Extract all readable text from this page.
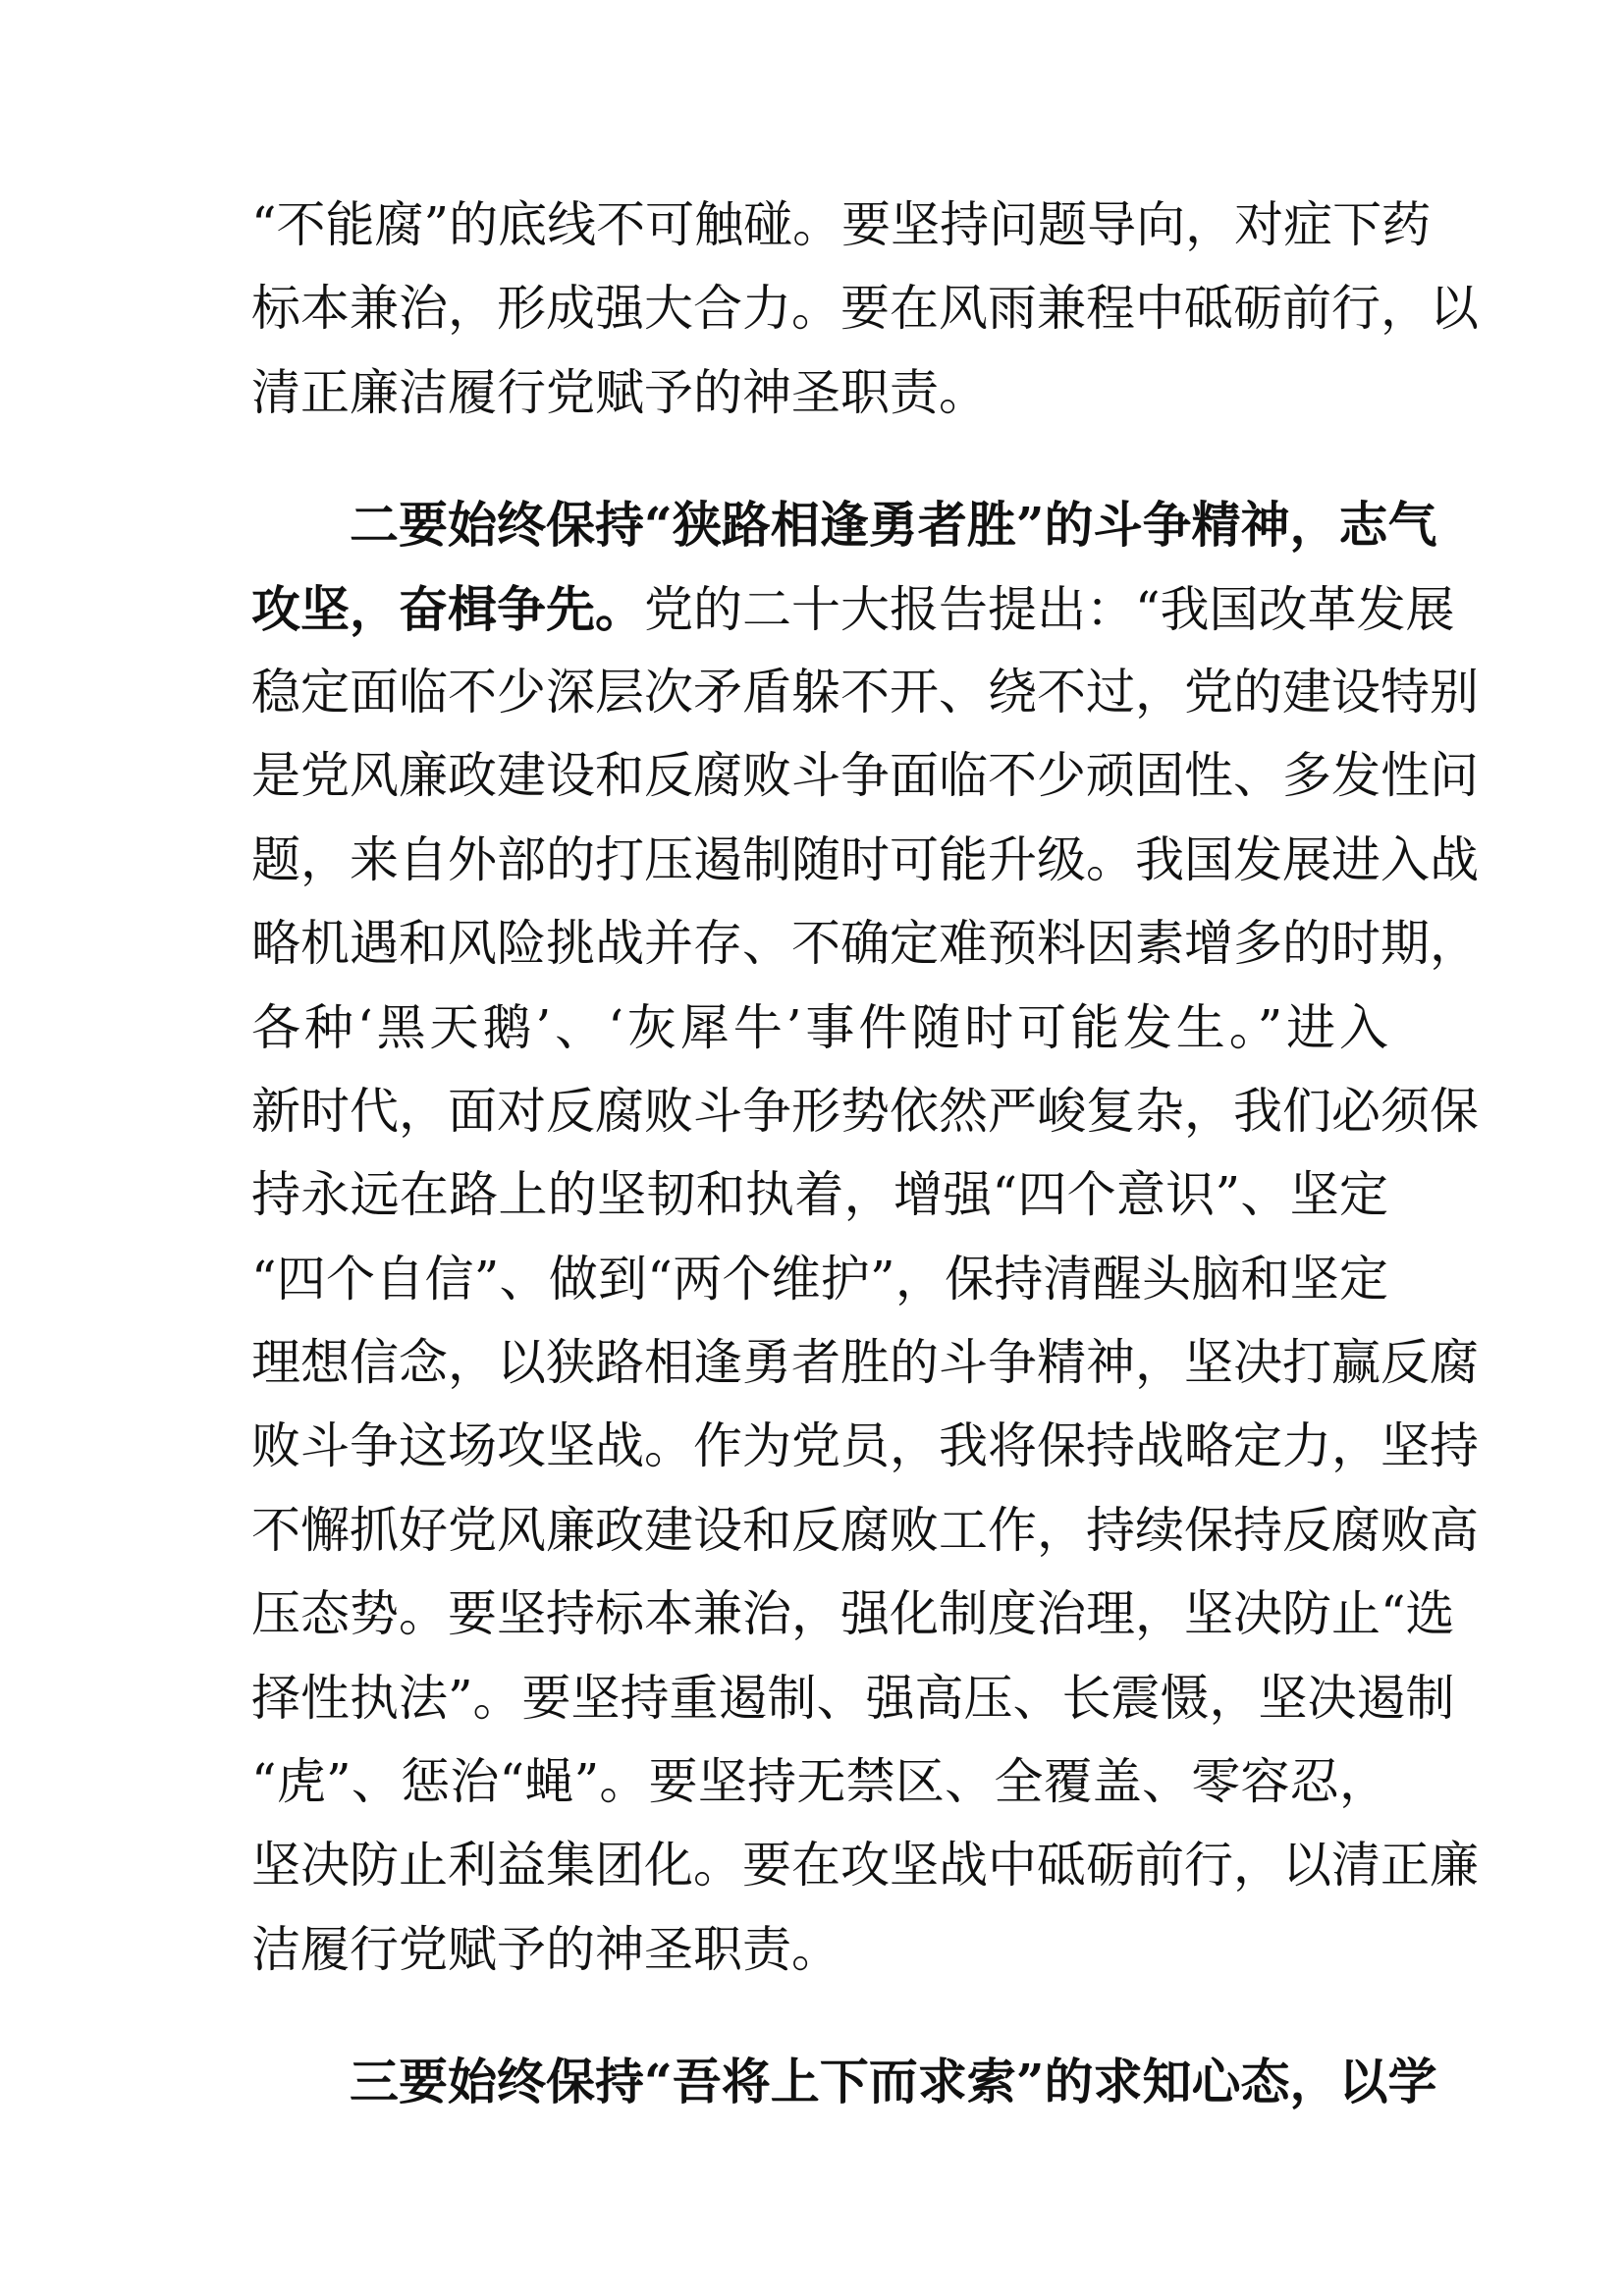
“不能腐”的底线不可触碰。要坚持问题导向，对症下药
标本兼治，形成强大合力。要在风雨兼程中砥砺前行，以
清正廉洁履行党赋予的神圣职责。
二要始终保持“狭路相逢勇者胜”的斗争精神，志气
攻坚，奋楫争先。党的二十大报告提出：“我国改革发展
稳定面临不少深层次矛盾躲不开、绕不过，党的建设特别
是党风廉政建设和反腐败斗争面临不少顽固性、多发性问
题，来自外部的打压遏制随时可能升级。我国发展进入战
略机遇和风险挑战并存、不确定难预料因素增多的时期，
各种‘黑天鹅’、‘灰犀牛’事件随时可能发生。”进入
新时代，面对反腐败斗争形势依然严峻复杂，我们必须保
持永远在路上的坚韧和执着，增强“四个意识”、坚定
“四个自信”、做到“两个维护”，保持清醒头脑和坚定
理想信念，以狭路相逢勇者胜的斗争精神，坚决打赢反腐
败斗争这场攻坚战。作为党员，我将保持战略定力，坚持
不懈抓好党风廉政建设和反腐败工作，持续保持反腐败高
压态势。要坚持标本兼治，强化制度治理，坚决防止“选
择性执法”。要坚持重遏制、强高压、长震慑，坚决遏制
“虎”、惩治“蝇”。要坚持无禁区、全覆盖、零容忍，
坚决防止利益集团化。要在攻坚战中砥砺前行，以清正廉
洁履行党赋予的神圣职责。
三要始终保持“吾将上下而求索”的求知心态，以学
